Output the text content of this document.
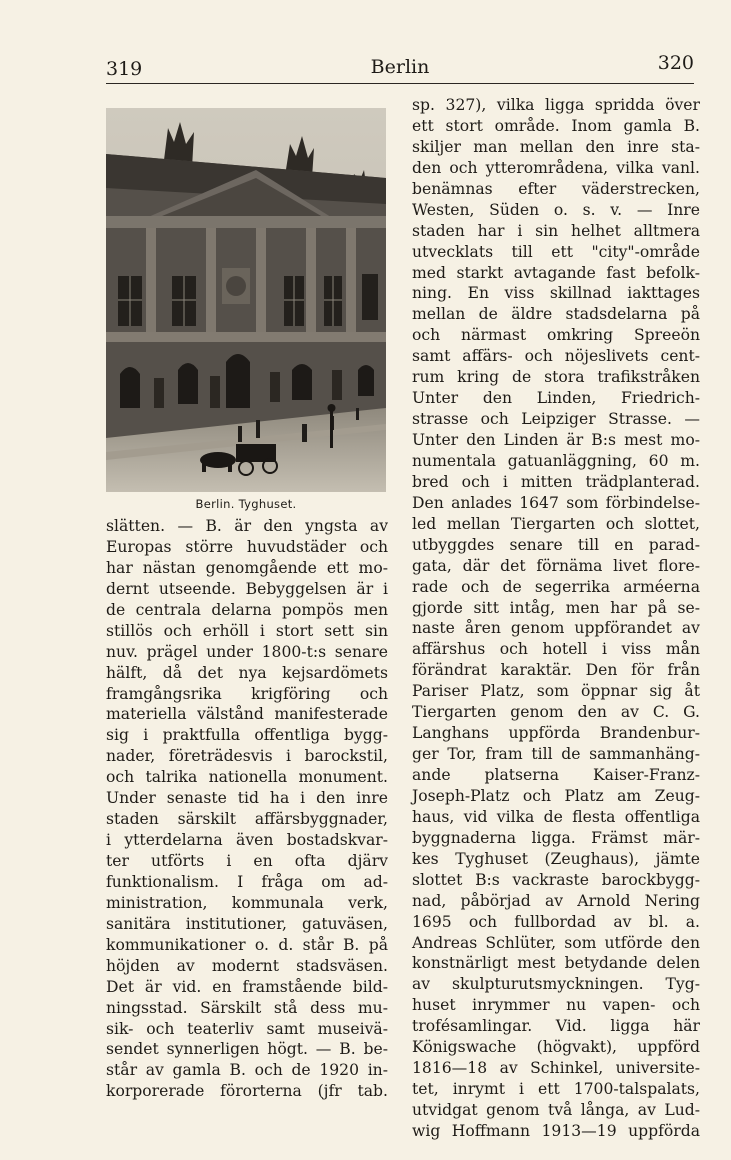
319	Berlin	320
Berlin. Tyghuset.
slätten. — B. är den yngsta av
Europas större huvudstäder och
har nästan genomgående ett mo-
dernt utseende. Bebyggelsen är i
de centrala delarna pompös men
stillös och erhöll i stort sett sin
nuv. prägel under 1800-t:s senare
hälft, då det nya kejsardömets
framgångsrika krigföring och
materiella välstånd manifesterade
sig i praktfulla offentliga bygg-
nader, företrädesvis i barockstil,
och talrika nationella monument.
Under senaste tid ha i den inre
staden särskilt affärsbyggnader,
i ytterdelarna även bostadskvar-
ter utförts i en ofta djärv
funktionalism. I fråga om ad-
ministration, kommunala verk,
sanitära institutioner, gatuväsen,
kommunikationer o. d. står B. på
höjden av modernt stadsväsen.
Det är vid. en framstående bild-
ningsstad. Särskilt stå dess mu-
sik- och teaterliv samt museivä-
sendet synnerligen högt. — B. be-
står av gamla B. och de 1920 in-
korporerade förorterna (jfr tab.
sp. 327), vilka ligga spridda över
ett stort område. Inom gamla B.
skiljer man mellan den inre sta-
den och ytterområdena, vilka vanl.
benämnas efter väderstrecken,
Westen, Süden o. s. v. — Inre
staden har i sin helhet alltmera
utvecklats till ett "city"-område
med starkt avtagande fast befolk-
ning. En viss skillnad iakttages
mellan de äldre stadsdelarna på
och närmast omkring Spreeön
samt affärs- och nöjeslivets cent-
rum kring de stora trafikstråken
Unter den Linden, Friedrich-
strasse och Leipziger Strasse. —
Unter den Linden är B:s mest mo-
numentala gatuanläggning, 60 m.
bred och i mitten trädplanterad.
Den anlades 1647 som förbindelse-
led mellan Tiergarten och slottet,
utbyggdes senare till en parad-
gata, där det förnäma livet flore-
rade och de segerrika arméerna
gjorde sitt intåg, men har på se-
naste åren genom uppförandet av
affärshus och hotell i viss mån
förändrat karaktär. Den för från
Pariser Platz, som öppnar sig åt
Tiergarten genom den av C. G.
Langhans uppförda Brandenbur-
ger Tor, fram till de sammanhäng-
ande platserna Kaiser-Franz-
Joseph-Platz och Platz am Zeug-
haus, vid vilka de flesta offentliga
byggnaderna ligga. Främst mär-
kes Tyghuset (Zeughaus), jämte
slottet B:s vackraste barockbygg-
nad, påbörjad av Arnold Nering
1695 och fullbordad av bl. a.
Andreas Schlüter, som utförde den
konstnärligt mest betydande delen
av skulpturutsmyckningen. Tyg-
huset inrymmer nu vapen- och
trofésamlingar. Vid. ligga här
Königswache (högvakt), uppförd
1816—18 av Schinkel, universite-
tet, inrymt i ett 1700-talspalats,
utvidgat genom två långa, av Lud-
wig Hoffmann 1913—19 uppförda
